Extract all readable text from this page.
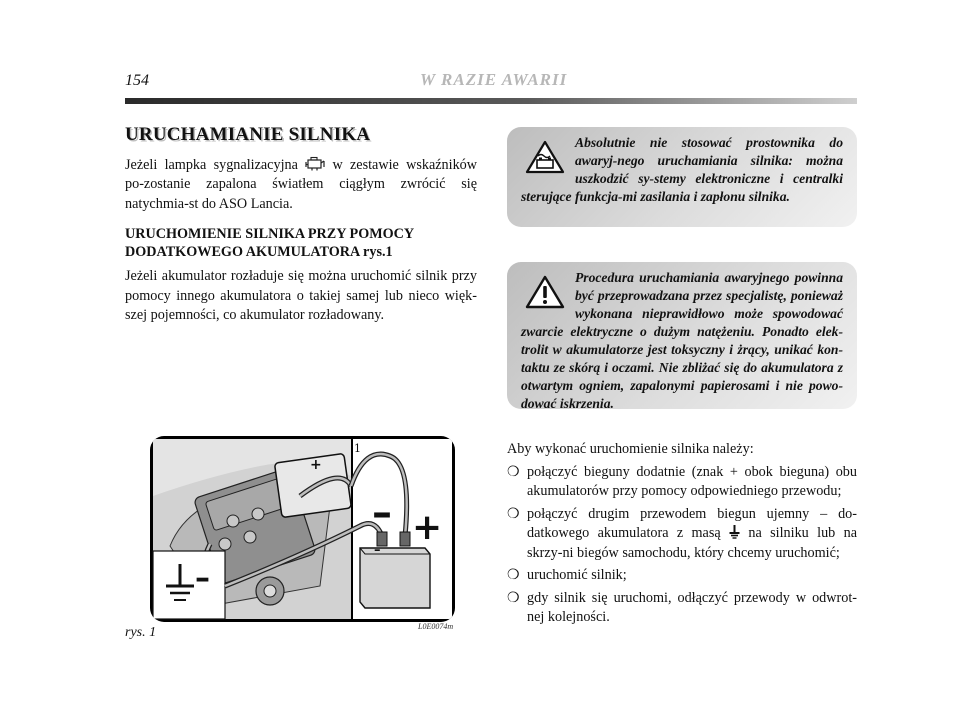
154	W RAZIE AWARII
URUCHAMIANIE SILNIKA

Jeżeli lampka sygnalizacyjna w zestawie wskaźników po-zostanie zapalona światłem ciągłym zwrócić się natychmia-st do ASO Lancia.

URUCHOMIENIE SILNIKA PRZY POMOCY DODATKOWEGO AKUMULATORA rys.1

Jeżeli akumulator rozładuje się można uruchomić silnik przy pomocy innego akumulatora o takiej samej lub nieco więk-szej pojemności, co akumulator rozładowany.

Absolutnie nie stosować prostownika do awaryj-nego uruchamiania silnika: można uszkodzić sy-stemy elektroniczne i centralki sterujące funkcja-mi zasilania i zapłonu silnika.
Procedura uruchamiania awaryjnego powinna być przeprowadzana przez specjalistę, ponieważ wykonana nieprawidłowo może spowodować zwarcie elektryczne o dużym natężeniu. Ponadto elek-trolit w akumulatorze jest toksyczny i żrący, unikać kon-taktu ze skórą i oczami. Nie zbliżać się do akumulatora z otwartym ogniem, zapalonymi papierosami i nie powo-dować iskrzenia.
+
–
1
–
– +
rys. 1	L0E0074m

Aby wykonać uruchomienie silnika należy:

❍ połączyć bieguny dodatnie (znak + obok bieguna) obu akumulatorów przy pomocy odpowiedniego przewodu;
❍ połączyć drugim przewodem biegun ujemny – do-datkowego akumulatora z masą na silniku lub na skrzy-ni biegów samochodu, który chcemy uruchomić;
❍ uruchomić silnik;
❍ gdy silnik się uruchomi, odłączyć przewody w odwrot-nej kolejności.
